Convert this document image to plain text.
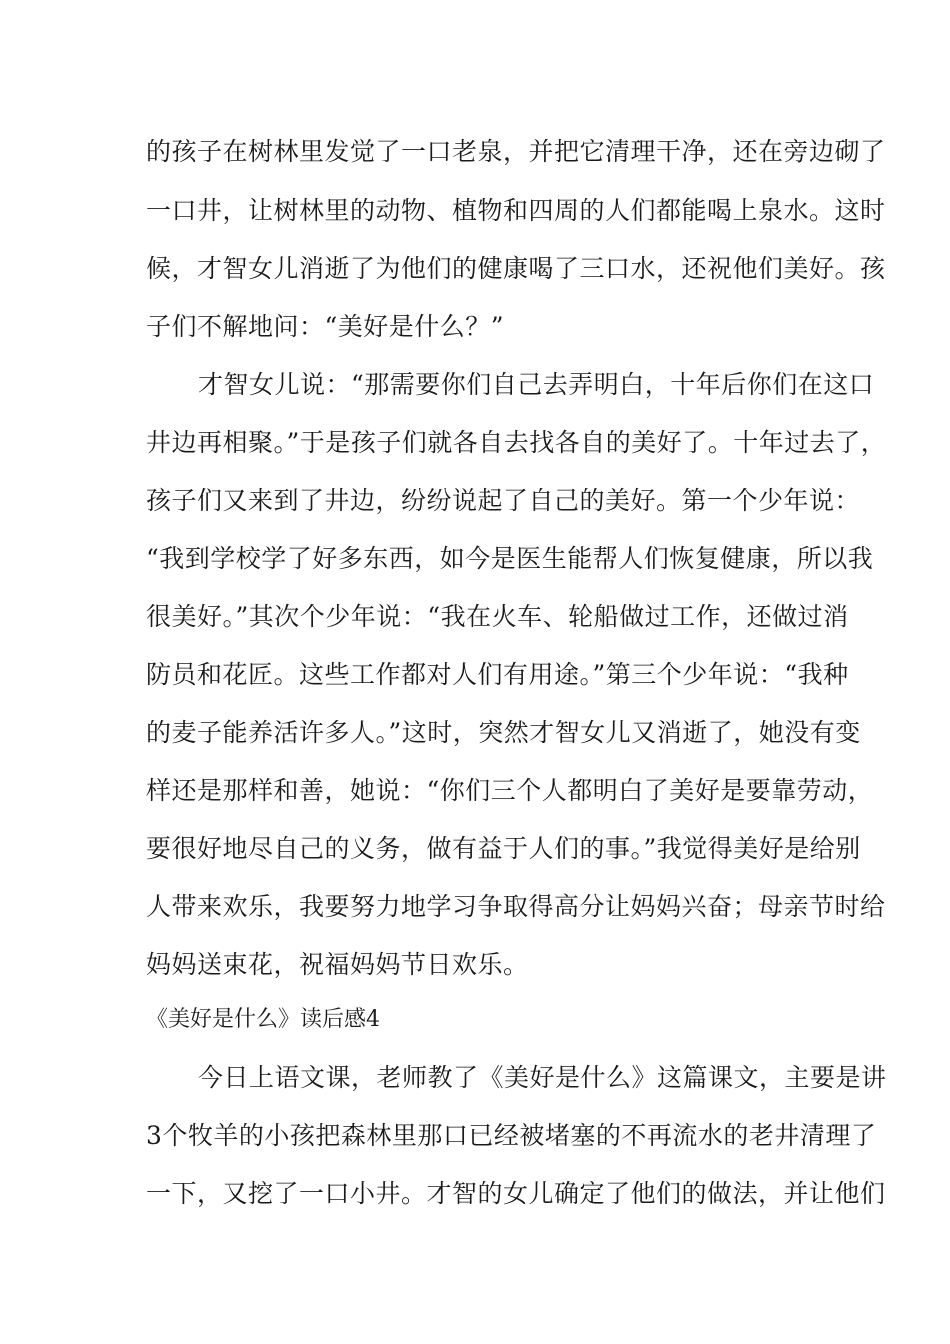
的孩子在树林里发觉了一口老泉，并把它清理干净，还在旁边砌了
一口井，让树林里的动物、植物和四周的人们都能喝上泉水。这时
候，才智女儿消逝了为他们的健康喝了三口水，还祝他们美好。孩
子们不解地问：“美好是什么？”
才智女儿说：“那需要你们自己去弄明白，十年后你们在这口
井边再相聚。”于是孩子们就各自去找各自的美好了。十年过去了，
孩子们又来到了井边，纷纷说起了自己的美好。第一个少年说：
“我到学校学了好多东西，如今是医生能帮人们恢复健康，所以我
很美好。”其次个少年说：“我在火车、轮船做过工作，还做过消
防员和花匠。这些工作都对人们有用途。”第三个少年说：“我种
的麦子能养活许多人。”这时，突然才智女儿又消逝了，她没有变
样还是那样和善，她说：“你们三个人都明白了美好是要靠劳动，
要很好地尽自己的义务，做有益于人们的事。”我觉得美好是给别
人带来欢乐，我要努力地学习争取得高分让妈妈兴奋；母亲节时给
妈妈送束花，祝福妈妈节日欢乐。
《美好是什么》读后感4
今日上语文课，老师教了《美好是什么》这篇课文，主要是讲
3个牧羊的小孩把森林里那口已经被堵塞的不再流水的老井清理了
一下，又挖了一口小井。才智的女儿确定了他们的做法，并让他们
